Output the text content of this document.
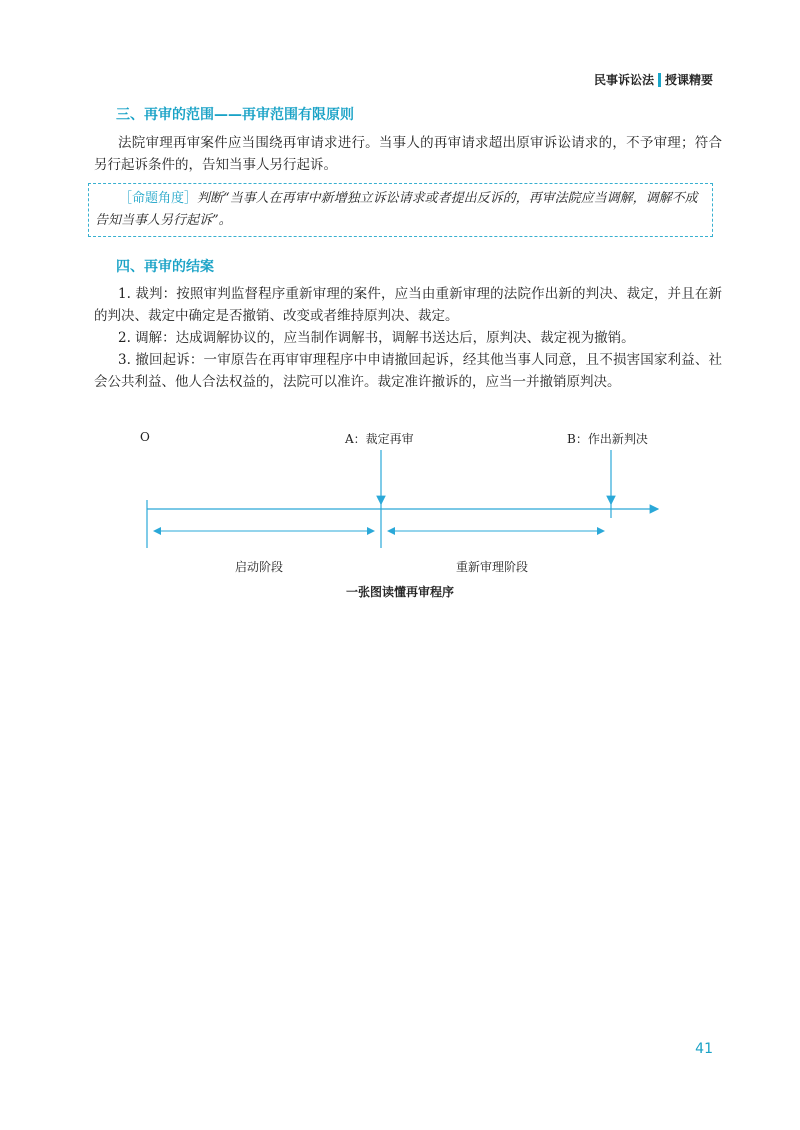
民事诉讼法 授课精要
三、再审的范围——再审范围有限原则
法院审理再审案件应当围绕再审请求进行。当事人的再审请求超出原审诉讼请求的，不予审理；符合另行起诉条件的，告知当事人另行起诉。
［命题角度］判断“当事人在再审中新增独立诉讼请求或者提出反诉的，再审法院应当调解，调解不成告知当事人另行起诉”。
四、再审的结案
1. 裁判：按照审判监督程序重新审理的案件，应当由重新审理的法院作出新的判决、裁定，并且在新的判决、裁定中确定是否撤销、改变或者维持原判决、裁定。
2. 调解：达成调解协议的，应当制作调解书，调解书送达后，原判决、裁定视为撤销。
3. 撤回起诉：一审原告在再审审理程序中申请撤回起诉，经其他当事人同意，且不损害国家利益、社会公共利益、他人合法权益的，法院可以准许。裁定准许撤诉的，应当一并撤销原判决。
O	A：裁定再审	B：作出新判决
启动阶段	重新审理阶段
一张图读懂再审程序
41
